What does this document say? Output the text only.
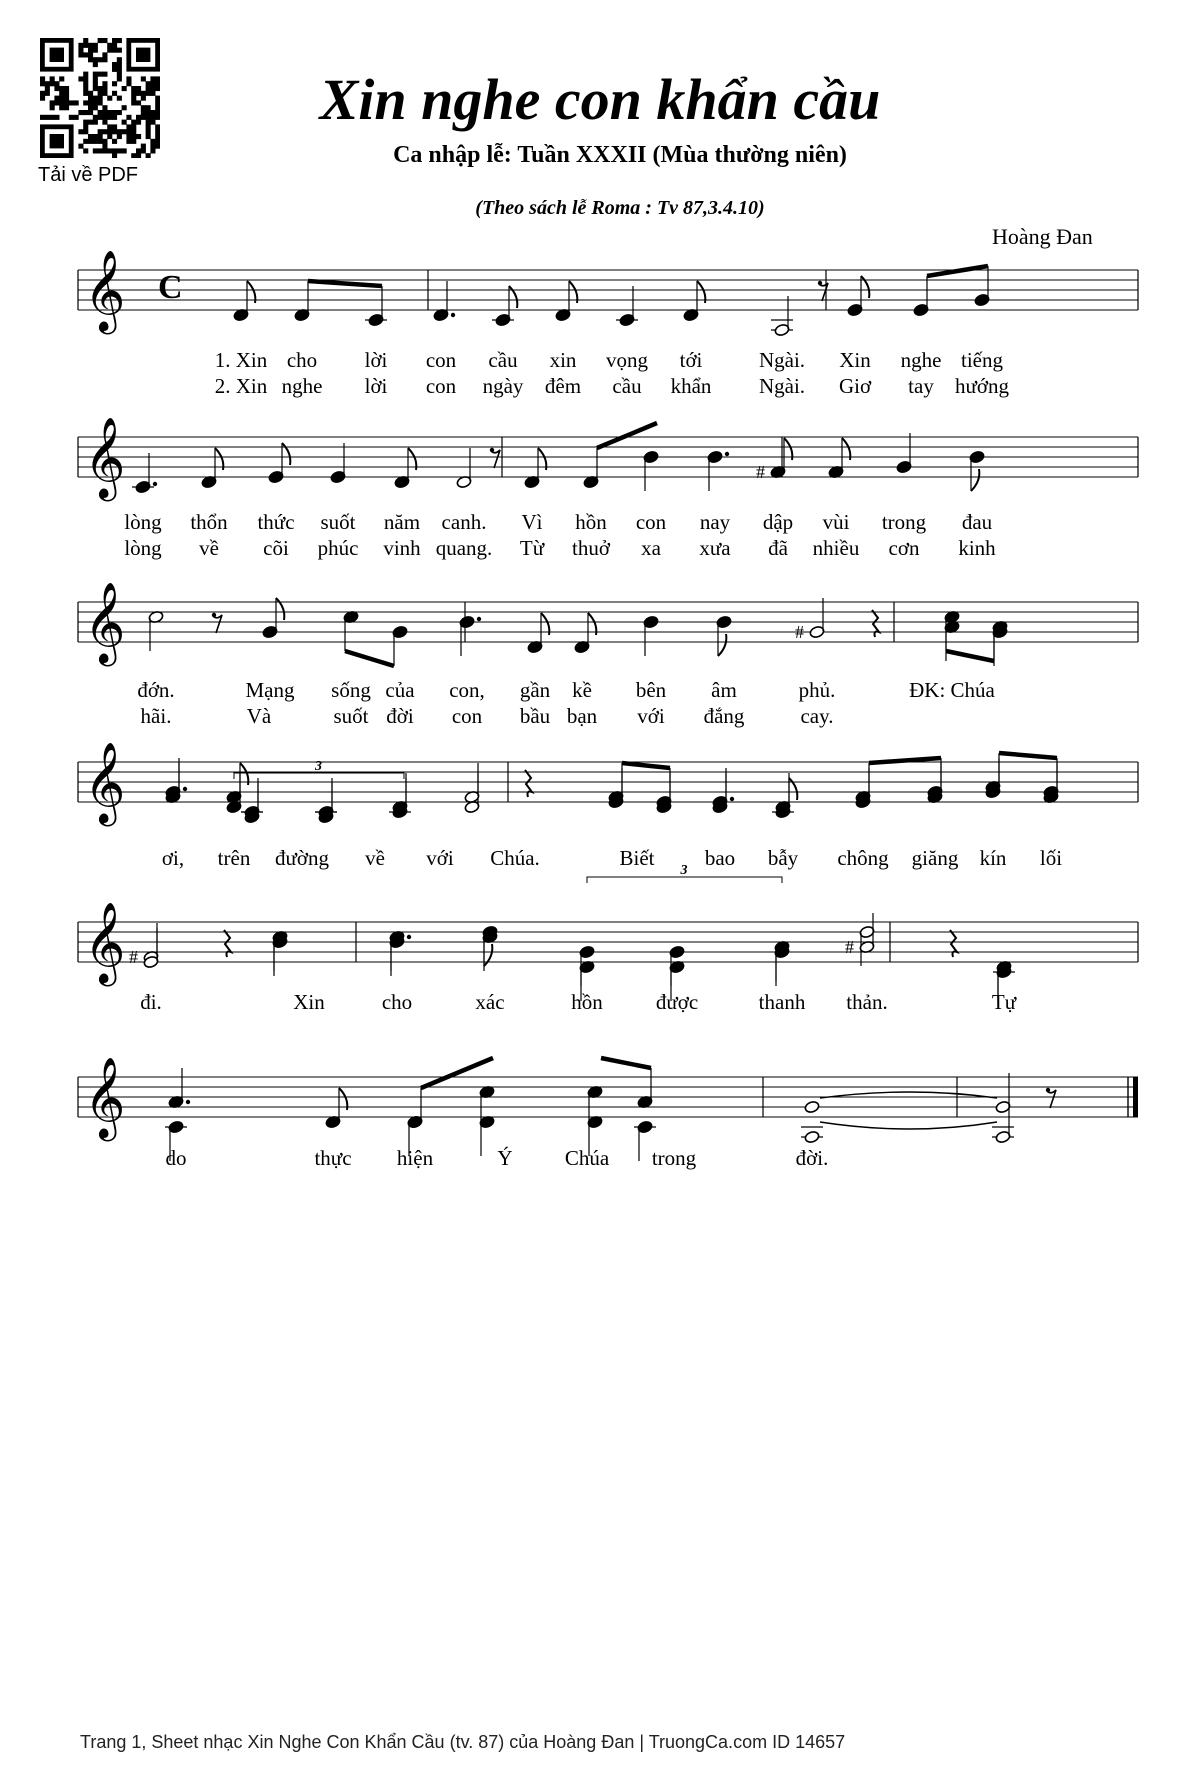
Tải về PDF
Xin nghe con khẩn cầu
Ca nhập lễ: Tuần XXXII (Mùa thường niên)
(Theo sách lễ Roma : Tv 87,3.4.10)
Hoàng Đan
𝄞
𝄞
𝄞
𝄞
𝄞
𝄞
C
#
#
3
#
3
#
1. Xin cho lời con cầu xin vọng tới	Ngài. Xin nghe tiếng
2. Xin nghe lời con ngày đêm cầu khẩn Ngài. Giơ tay hướng
lòng thổn thức suốt năm canh. Vì hồn con nay dập vùi trong đau
lòng về cõi phúc vinh quang. Từ thuở xa xưa đã nhiều cơn kinh
đớn.	Mạng sống của con, gần kề bên âm	phủ.	ĐK: Chúa
hãi.	Và	suốt đời con bầu bạn với đắng	cay.
ơi, trên đường về với Chúa.	Biết bao bẫy chông giăng kín lối
đi.	Xin	cho	xác	hồn	được	thanh thản.	Tự
do	thực hiện	Ý Chúa trong	đời.
Trang 1, Sheet nhạc Xin Nghe Con Khẩn Cầu (tv. 87) của Hoàng Đan | TruongCa.com ID 14657
